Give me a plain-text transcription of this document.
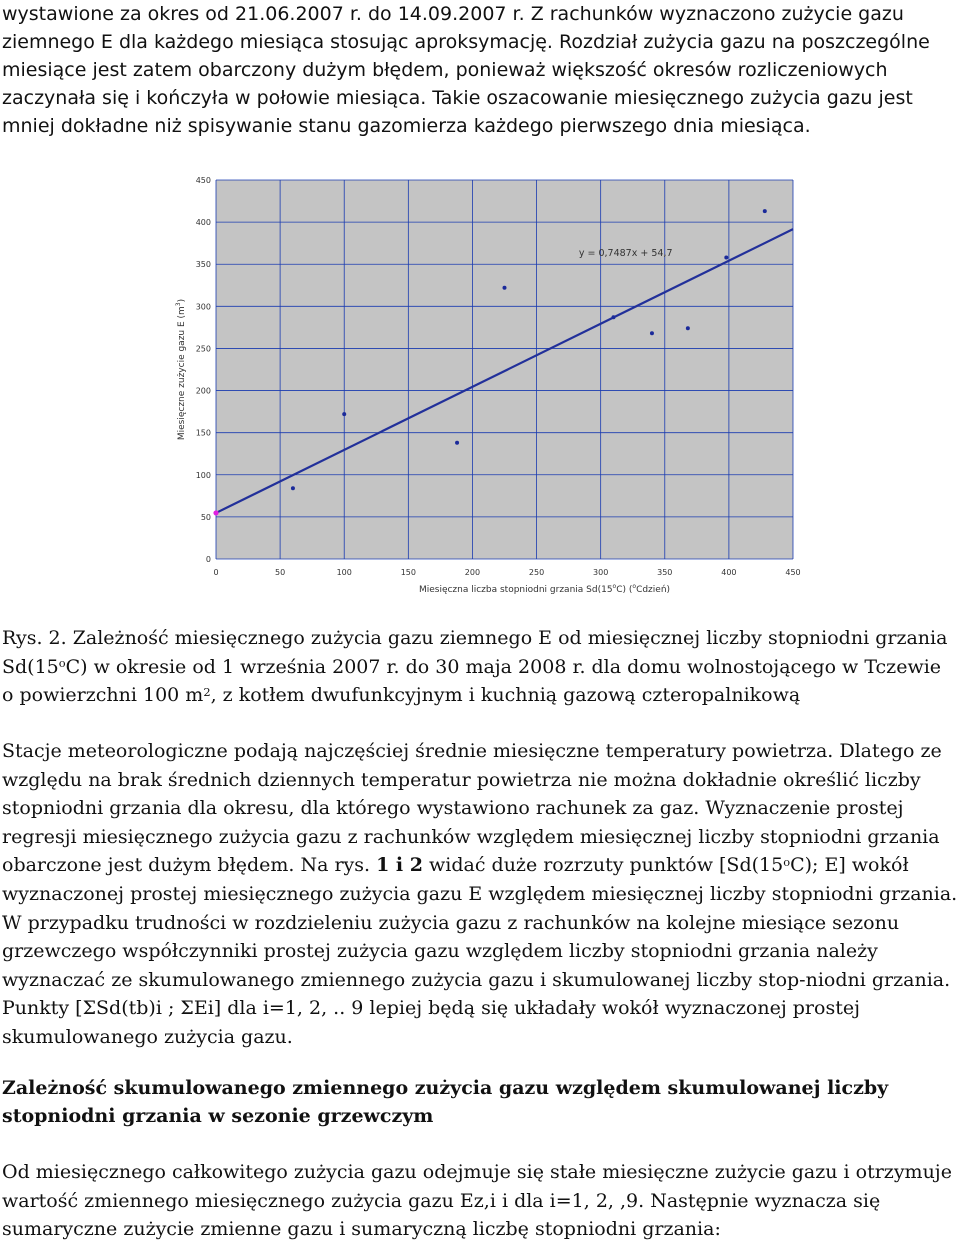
wystawione za okres od 21.06.2007 r. do 14.09.2007 r. Z rachunków wyznaczono zużycie gazu ziemnego E dla każdego miesiąca stosując aproksymację. Rozdział zużycia gazu na poszczególne miesiące jest zatem obarczony dużym błędem, ponieważ większość okresów rozliczeniowych zaczynała się i kończyła w połowie miesiąca. Takie oszacowanie miesięcznego zużycia gazu jest mniej dokładne niż spisywanie stanu gazomierza każdego pierwszego dnia miesiąca.

0
50
100
150
200
250
300
350
400
450
0	50	100	150	200	250	300	350	400	450
y = 0,7487x + 54,7
Miesięczna liczba stopniodni grzania Sd(15$^o$C) ($^o$Cdzień)
Miesięczne zużycie gazu E $(m^3)$

Rys. 2. Zależność miesięcznego zużycia gazu ziemnego E od miesięcznej liczby stopniodni grzania Sd(15$^o$C) w okresie od 1 września 2007 r. do 30 maja 2008 r. dla domu wolnostojącego w Tczewie o powierzchni 100 $m^2$, z kotłem dwufunkcyjnym i kuchnią gazową czteropalnikową

Stacje meteorologiczne podają najczęściej średnie miesięczne temperatury powietrza. Dlatego ze względu na brak średnich dziennych temperatur powietrza nie można dokładnie określić liczby stopniodni grzania dla okresu, dla którego wystawiono rachunek za gaz. Wyznaczenie prostej regresji miesięcznego zużycia gazu z rachunków względem miesięcznej liczby stopniodni grzania obarczone jest dużym błędem. Na rys. 1 i 2 widać duże rozrzuty punktów [Sd(15$^o$C); E] wokół wyznaczonej prostej miesięcznego zużycia gazu E względem miesięcznej liczby stopniodni grzania. W przypadku trudności w rozdzieleniu zużycia gazu z rachunków na kolejne miesiące sezonu grzewczego współczynniki prostej zużycia gazu względem liczby stopniodni grzania należy wyznaczać ze skumulowanego zmiennego zużycia gazu i skumulowanej liczby stop-niodni grzania. Punkty [ΣSd(tb)i ; ΣEi] dla i=1, 2, .. 9 lepiej będą się układały wokół wyznaczonej prostej skumulowanego zużycia gazu.

Zależność skumulowanego zmiennego zużycia gazu względem skumulowanej liczby stopniodni grzania w sezonie grzewczym

Od miesięcznego całkowitego zużycia gazu odejmuje się stałe miesięczne zużycie gazu i otrzymuje wartość zmiennego miesięcznego zużycia gazu Ez,i i dla i=1, 2, ,9. Następnie wyznacza się sumaryczne zużycie zmienne gazu i sumaryczną liczbę stopniodni grzania:
